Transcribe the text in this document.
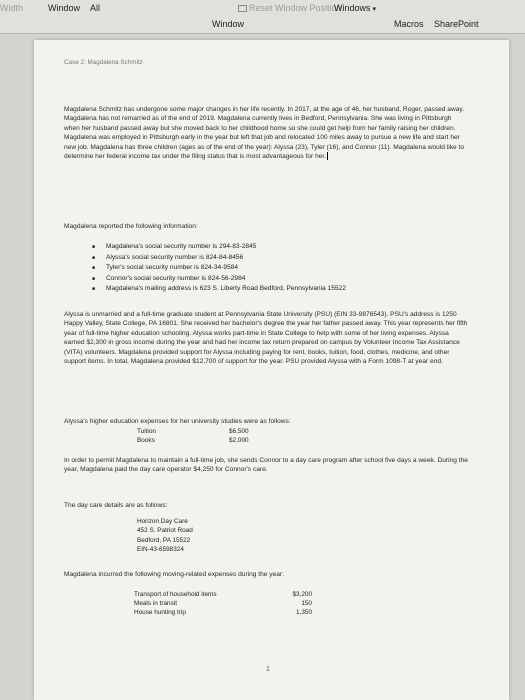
Width	Window All	Reset Window Position
Windows ▾
Window	Macros SharePoint
Case 2: Magdalena Schmitz
Magdalena Schmitz has undergone some major changes in her life recently. In 2017, at the age of 46, her husband, Roger, passed away. Magdalena has not remarried as of the end of 2019. Magdalena currently lives in Bedford, Pennsylvania. She was living in Pittsburgh when her husband passed away but she moved back to her childhood home so she could get help from her family raising her children. Magdalena was employed in Pittsburgh early in the year but left that job and relocated 100 miles away to pursue a new life and start her new job. Magdalena has three children (ages as of the end of the year): Alyssa (23), Tyler (16), and Connor (11). Magdalena would like to determine her federal income tax under the filing status that is most advantageous for her.
Magdalena reported the following information:
■ Magdalena's social security number is 294-83-2845
■ Alyssa's social security number is 824-84-8456
■ Tyler's social security number is 824-34-9584
■ Connor's social security number is 824-56-2984
■ Magdalena's mailing address is 623 S. Liberty Road Bedford, Pennsylvania 15522
Alyssa is unmarried and a full-time graduate student at Pennsylvania State University (PSU) (EIN 33-9876543). PSU's address is 1250 Happy Valley, State College, PA 16801. She received her bachelor's degree the year her father passed away. This year represents her fifth year of full-time higher education schooling. Alyssa works part-time in State College to help with some of her living expenses. Alyssa earned $2,300 in gross income during the year and had her income tax return prepared on campus by Volunteer Income Tax Assistance (VITA) volunteers. Magdalena provided support for Alyssa including paying for rent, books, tuition, food, clothes, medicine, and other support items. In total, Magdalena provided $12,700 of support for the year. PSU provided Alyssa with a Form 1098-T at year end.
Alyssa's higher education expenses for her university studies were as follows:
Tuition	$6,500
Books	$2,000
In order to permit Magdalena to maintain a full-time job, she sends Connor to a day care program after school five days a week. During the year, Magdalena paid the day care operator $4,250 for Connor's care.
The day care details are as follows:
Horizon Day Care
452 S. Patriot Road
Bedford, PA 15522
EIN-43-6598324
Magdalena incurred the following moving-related expenses during the year:
Transport of household items	$3,200
Meals in transit	150
House hunting trip	1,350
1
